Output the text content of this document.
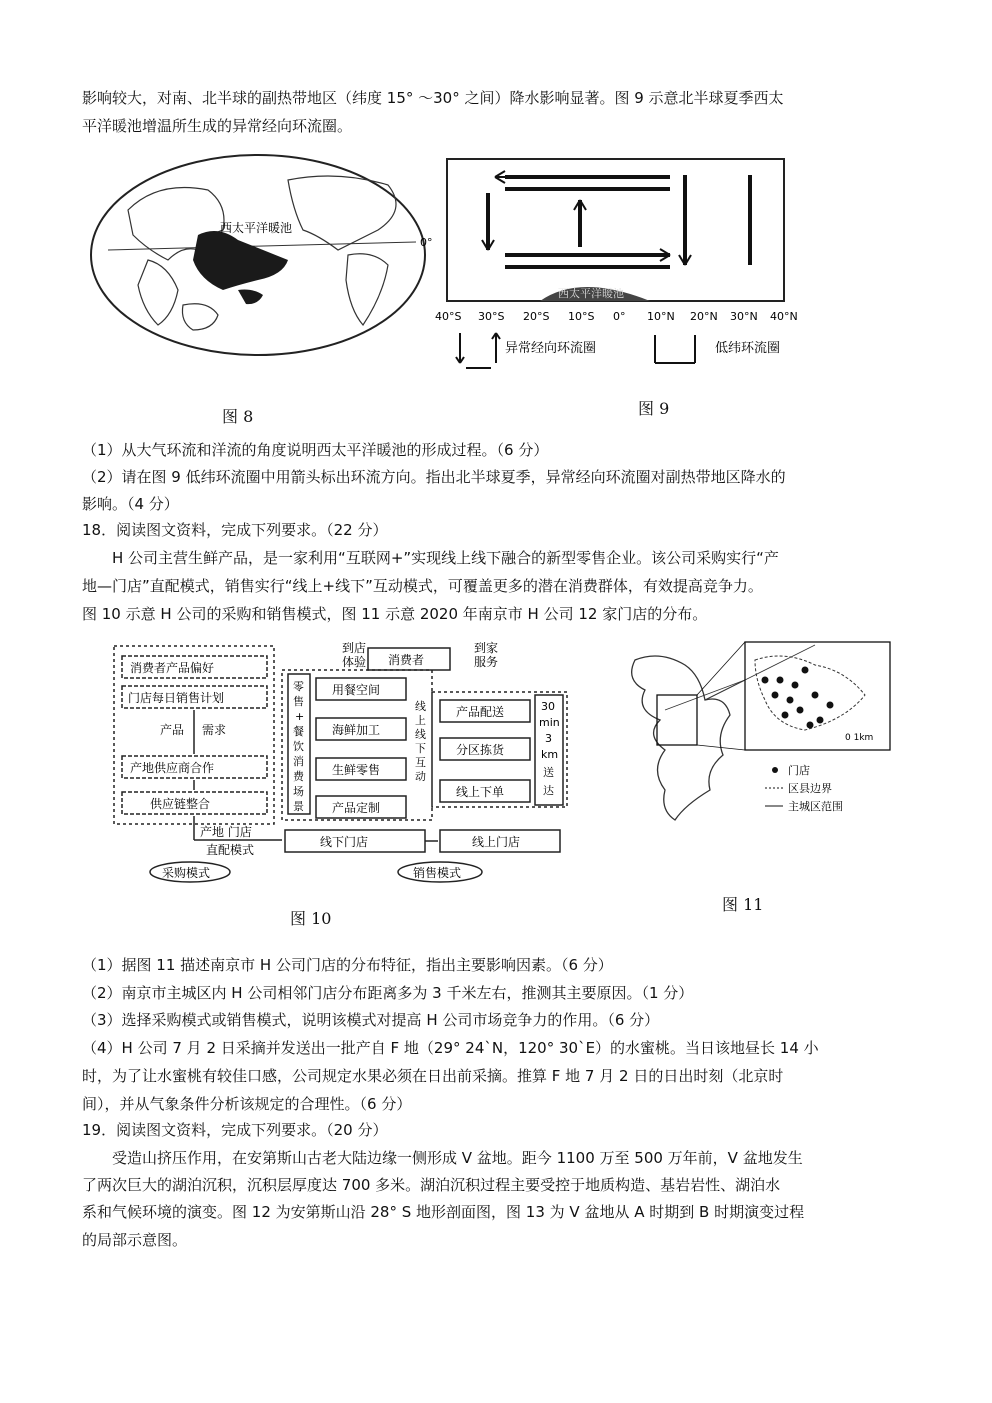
影响较大，对南、北半球的副热带地区（纬度 15° ～30° 之间）降水影响显著。图 9 示意北半球夏季西太

平洋暖池增温所生成的异常经向环流圈。

西太平洋暖池
0°
图 8
西太平洋暖池
40°S 30°S 20°S 10°S 0° 10°N 20°N 30°N 40°N
异常经向环流圈	低纬环流圈
图 9

（1）从大气环流和洋流的角度说明西太平洋暖池的形成过程。（6 分）

（2）请在图 9 低纬环流圈中用箭头标出环流方向。指出北半球夏季，异常经向环流圈对副热带地区降水的

影响。（4 分）

18．阅读图文资料，完成下列要求。（22 分）

H 公司主营生鲜产品，是一家利用“互联网+”实现线上线下融合的新型零售企业。该公司采购实行“产

地—门店”直配模式，销售实行“线上+线下”互动模式，可覆盖更多的潜在消费群体，有效提高竞争力。

图 10 示意 H 公司的采购和销售模式，图 11 示意 2020 年南京市 H 公司 12 家门店的分布。

消费者产品偏好
门店每日销售计划
产品 需求
产地供应商合作
供应链整合
产地 门店
直配模式
采购模式
零
售
+
餐
饮
消
费
场
景
用餐空间
海鲜加工
生鲜零售
产品定制
到店
体验 消费者
到家
服务
线
上
线
下
互
动
产品配送
分区拣货
线上下单
30
min
3
km
送
达
线下门店	线上门店
销售模式
图 10
0 1km
门店
区县边界
主城区范围
图 11

（1）据图 11 描述南京市 H 公司门店的分布特征，指出主要影响因素。（6 分）

（2）南京市主城区内 H 公司相邻门店分布距离多为 3 千米左右，推测其主要原因。（1 分）

（3）选择采购模式或销售模式，说明该模式对提高 H 公司市场竞争力的作用。（6 分）

（4）H 公司 7 月 2 日采摘并发送出一批产自 F 地（29° 24`N，120° 30`E）的水蜜桃。当日该地昼长 14 小

时，为了让水蜜桃有较佳口感，公司规定水果必须在日出前采摘。推算 F 地 7 月 2 日的日出时刻（北京时

间），并从气象条件分析该规定的合理性。（6 分）

19．阅读图文资料，完成下列要求。（20 分）

受造山挤压作用，在安第斯山古老大陆边缘一侧形成 V 盆地。距今 1100 万至 500 万年前，V 盆地发生

了两次巨大的湖泊沉积，沉积层厚度达 700 多米。湖泊沉积过程主要受控于地质构造、基岩岩性、湖泊水

系和气候环境的演变。图 12 为安第斯山沿 28° S 地形剖面图，图 13 为 V 盆地从 A 时期到 B 时期演变过程

的局部示意图。
